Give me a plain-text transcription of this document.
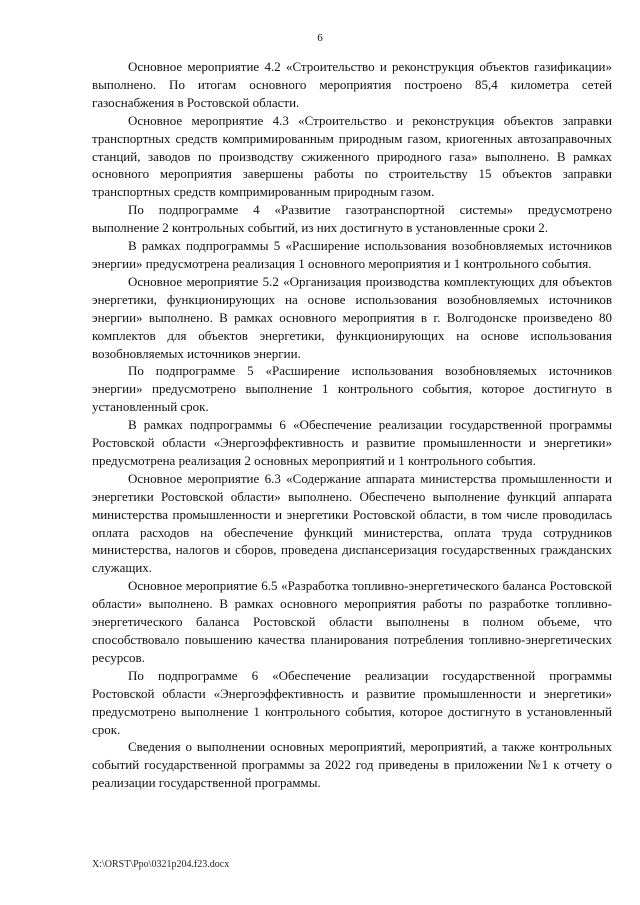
6

Основное мероприятие 4.2 «Строительство и реконструкция объектов газификации» выполнено. По итогам основного мероприятия построено 85,4 километра сетей газоснабжения в Ростовской области.

Основное мероприятие 4.3 «Строительство и реконструкция объектов заправки транспортных средств компримированным природным газом, криогенных автозаправочных станций, заводов по производству сжиженного природного газа» выполнено. В рамках основного мероприятия завершены работы по строительству 15 объектов заправки транспортных средств компримированным природным газом.

По подпрограмме 4 «Развитие газотранспортной системы» предусмотрено выполнение 2 контрольных событий, из них достигнуто в установленные сроки 2.

В рамках подпрограммы 5 «Расширение использования возобновляемых источников энергии» предусмотрена реализация 1 основного мероприятия и 1 контрольного события.

Основное мероприятие 5.2 «Организация производства комплектующих для объектов энергетики, функционирующих на основе использования возобновляемых источников энергии» выполнено. В рамках основного мероприятия в г. Волгодонске произведено 80 комплектов для объектов энергетики, функционирующих на основе использования возобновляемых источников энергии.

По подпрограмме 5 «Расширение использования возобновляемых источников энергии» предусмотрено выполнение 1 контрольного события, которое достигнуто в установленный срок.

В рамках подпрограммы 6 «Обеспечение реализации государственной программы Ростовской области «Энергоэффективность и развитие промышленности и энергетики» предусмотрена реализация 2 основных мероприятий и 1 контрольного события.

Основное мероприятие 6.3 «Содержание аппарата министерства промышленности и энергетики Ростовской области» выполнено. Обеспечено выполнение функций аппарата министерства промышленности и энергетики Ростовской области, в том числе проводилась оплата расходов на обеспечение функций министерства, оплата труда сотрудников министерства, налогов и сборов, проведена диспансеризация государственных гражданских служащих.

Основное мероприятие 6.5 «Разработка топливно-энергетического баланса Ростовской области» выполнено. В рамках основного мероприятия работы по разработке топливно-энергетического баланса Ростовской области выполнены в полном объеме, что способствовало повышению качества планирования потребления топливно-энергетических ресурсов.

По подпрограмме 6 «Обеспечение реализации государственной программы Ростовской области «Энергоэффективность и развитие промышленности и энергетики» предусмотрено выполнение 1 контрольного события, которое достигнуто в установленный срок.

Сведения о выполнении основных мероприятий, мероприятий, а также контрольных событий государственной программы за 2022 год приведены в приложении №1 к отчету о реализации государственной программы.

X:\ORST\Ppo\0321p204.f23.docx
